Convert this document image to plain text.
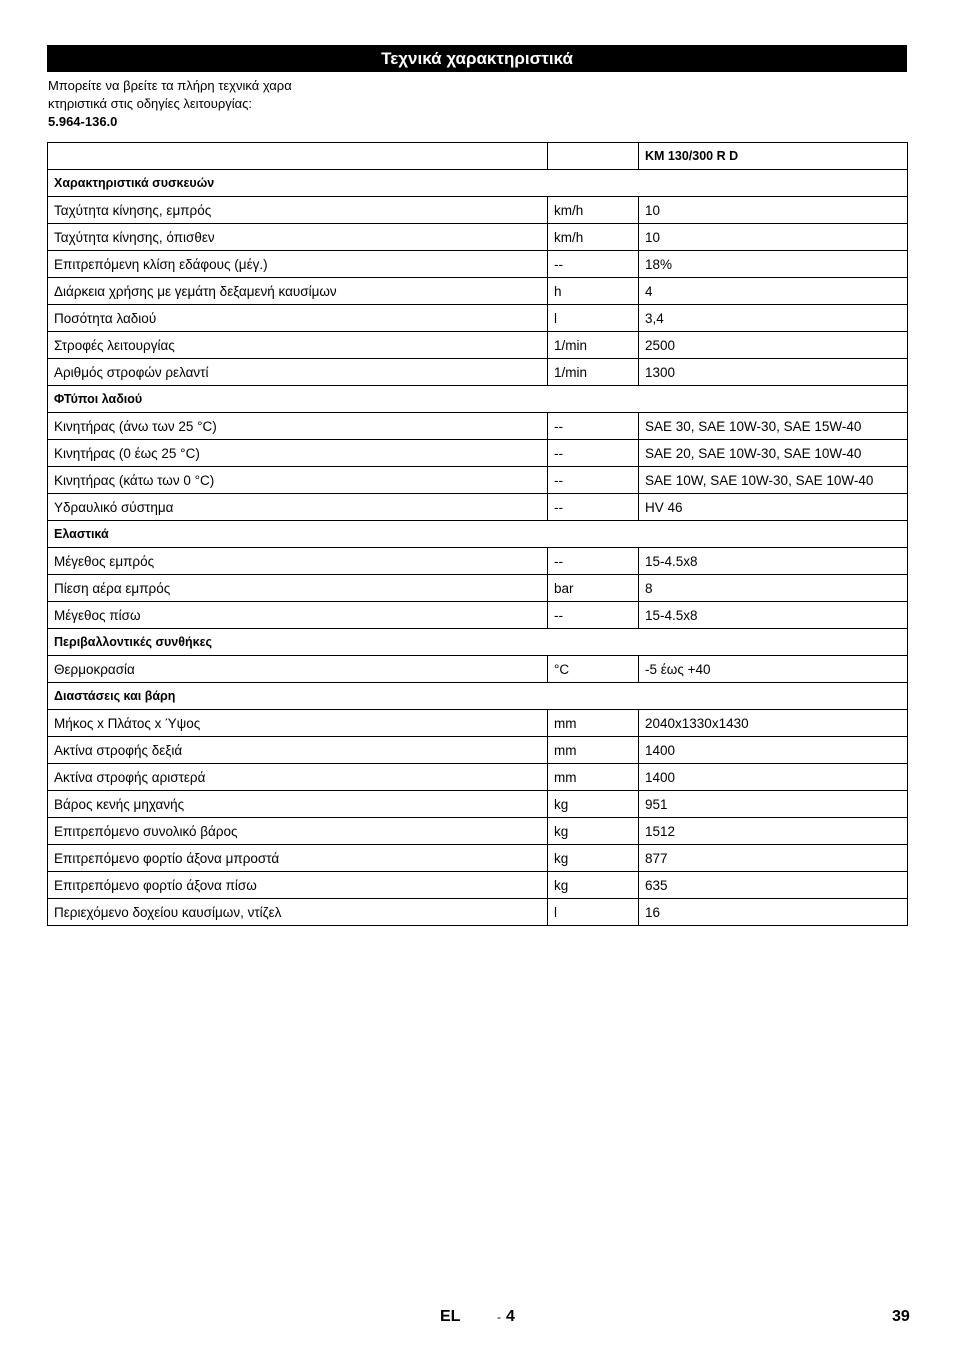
Τεχνικά χαρακτηριστικά
Μπορείτε να βρείτε τα πλήρη τεχνικά χαρα
κτηριστικά στις οδηγίες λειτουργίας:
5.964-136.0
		KM 130/300 R D
Χαρακτηριστικά συσκευών		
Ταχύτητα κίνησης, εμπρός	km/h	10
Ταχύτητα κίνησης, όπισθεν	km/h	10
Επιτρεπόμενη κλίση εδάφους (μέγ.)	--	18%
Διάρκεια χρήσης με γεμάτη δεξαμενή καυσίμων	h	4
Ποσότητα λαδιού	l	3,4
Στροφές λειτουργίας	1/min	2500
Αριθμός στροφών ρελαντί	1/min	1300
ΦΤύποι λαδιού		
Κινητήρας (άνω των 25 °C)	--	SAE 30, SAE 10W-30, SAE 15W-40
Κινητήρας (0 έως 25 °C)	--	SAE 20, SAE 10W-30, SAE 10W-40
Κινητήρας (κάτω των 0 °C)	--	SAE 10W, SAE 10W-30, SAE 10W-40
Υδραυλικό σύστημα	--	HV 46
Ελαστικά		
Μέγεθος εμπρός	--	15-4.5x8
Πίεση αέρα εμπρός	bar	8
Μέγεθος πίσω	--	15-4.5x8
Περιβαλλοντικές συνθήκες		
Θερμοκρασία	°C	-5 έως +40
Διαστάσεις και βάρη		
Μήκος x Πλάτος x Ύψος	mm	2040x1330x1430
Ακτίνα στροφής δεξιά	mm	1400
Ακτίνα στροφής αριστερά	mm	1400
Βάρος κενής μηχανής	kg	951
Επιτρεπόμενο συνολικό βάρος	kg	1512
Επιτρεπόμενο φορτίο άξονα μπροστά	kg	877
Επιτρεπόμενο φορτίο άξονα πίσω	kg	635
Περιεχόμενο δοχείου καυσίμων, ντίζελ	l	16
EL	- 4	39
